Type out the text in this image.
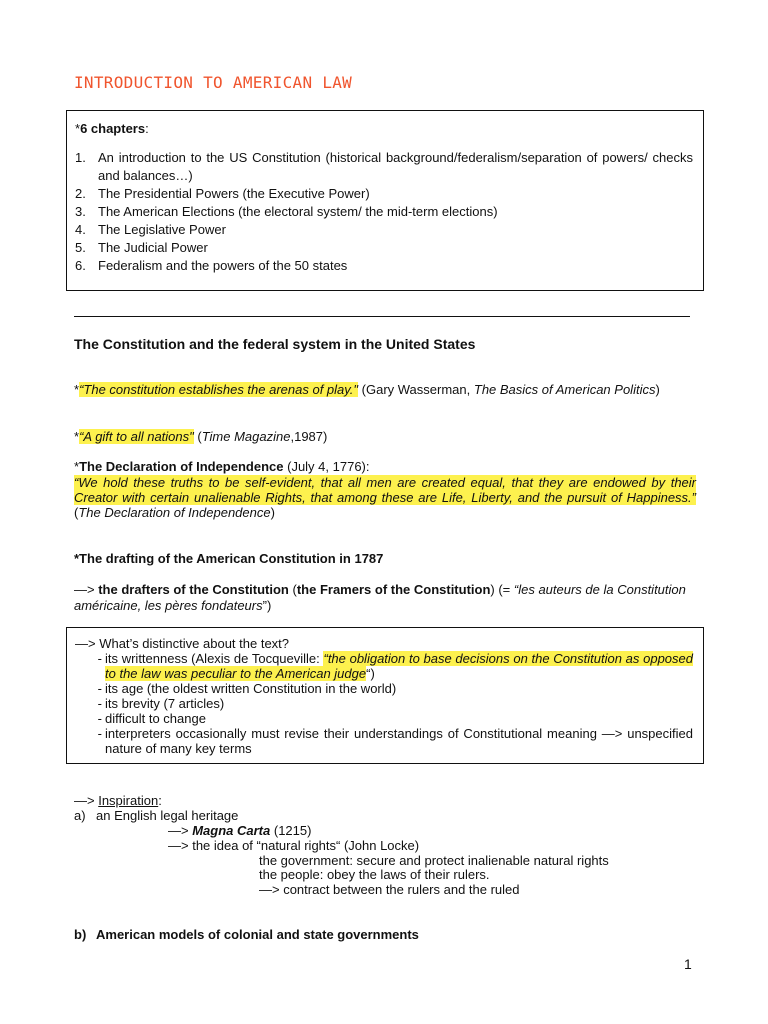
INTRODUCTION TO AMERICAN LAW
*6 chapters:
1. An introduction to the US Constitution (historical background/federalism/separation of powers/ checks and balances…)
2. The Presidential Powers (the Executive Power)
3. The American Elections (the electoral system/ the mid-term elections)
4. The Legislative Power
5. The Judicial Power
6. Federalism and the powers of the 50 states
The Constitution and the federal system in the United States
*“The constitution establishes the arenas of play." (Gary Wasserman, The Basics of American Politics)
*“A gift to all nations" (Time Magazine,1987)
*The Declaration of Independence (July 4, 1776):
“We hold these truths to be self-evident, that all men are created equal, that they are endowed by their Creator with certain unalienable Rights, that among these are Life, Liberty, and the pursuit of Happiness.” (The Declaration of Independence)
*The drafting of the American Constitution in 1787
—> the drafters of the Constitution (the Framers of the Constitution) (= “les auteurs de la Constitution américaine, les pères fondateurs”)
—> What’s distinctive about the text?
- its writtenness (Alexis de Tocqueville: “the obligation to base decisions on the Constitution as opposed to the law was peculiar to the American judge“)
- its age (the oldest written Constitution in the world)
- its brevity (7 articles)
- difficult to change
- interpreters occasionally must revise their understandings of Constitutional meaning —> unspecified nature of many key terms
—> Inspiration:
a) an English legal heritage
—> Magna Carta (1215)
—> the idea of “natural rights“ (John Locke)
the government: secure and protect inalienable natural rights
the people: obey the laws of their rulers.
—> contract between the rulers and the ruled
b) American models of colonial and state governments
1
